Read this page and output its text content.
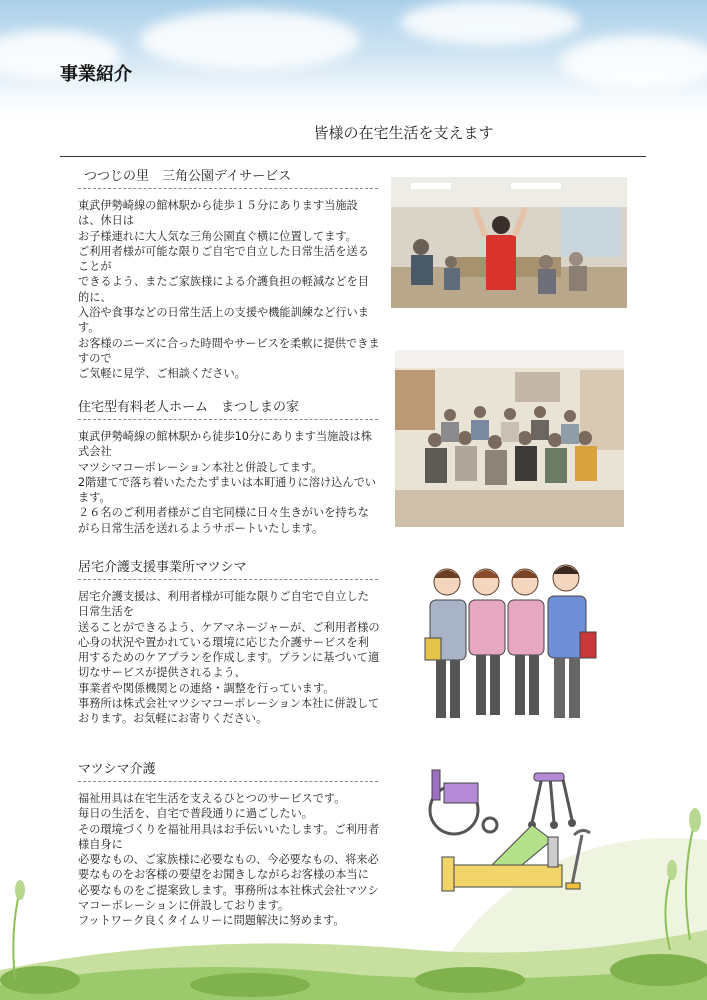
事業紹介
皆様の在宅生活を支えます
つつじの里　三角公園デイサービス
東武伊勢崎線の館林駅から徒歩１５分にあります当施設は、休日は
お子様連れに大人気な三角公園直ぐ横に位置してます。
ご利用者様が可能な限りご自宅で自立した日常生活を送ることが
できるよう、またご家族様による介護負担の軽減などを目的に、
入浴や食事などの日常生活上の支援や機能訓練など行います。
お客様のニーズに合った時間やサービスを柔軟に提供できますので
ご気軽に見学、ご相談ください。
住宅型有料老人ホーム　まつしまの家
東武伊勢崎線の館林駅から徒歩10分にあります当施設は株式会社
マツシマコーポレーション本社と併設してます。
2階建てで落ち着いたたたずまいは本町通りに溶け込んでいます。
２６名のご利用者様がご自宅同様に日々生きがいを持ちながら日常生活を送れるようサポートいたします。
居宅介護支援事業所マツシマ
居宅介護支援は、利用者様が可能な限りご自宅で自立した日常生活を
送ることができるよう、ケアマネージャーが、ご利用者様の心身の状況や置かれている環境に応じた介護サービスを利用するためのケアプランを作成します。プランに基づいて適切なサービスが提供されるよう、
事業者や関係機関との連絡・調整を行っています。
事務所は株式会社マツシマコーポレーション本社に併設しております。お気軽にお寄りください。
マツシマ介護
福祉用具は在宅生活を支えるひとつのサービスです。
毎日の生活を、自宅で普段通りに過ごしたい。
その環境づくりを福祉用具はお手伝いいたします。ご利用者様自身に
必要なもの、ご家族様に必要なもの、今必要なもの、将来必要なものをお客様の要望をお聞きしながらお客様の本当に必要なものをご提案致します。事務所は本社株式会社マツシマコーポレーションに併設しております。
フットワーク良くタイムリーに問題解決に努めます。
